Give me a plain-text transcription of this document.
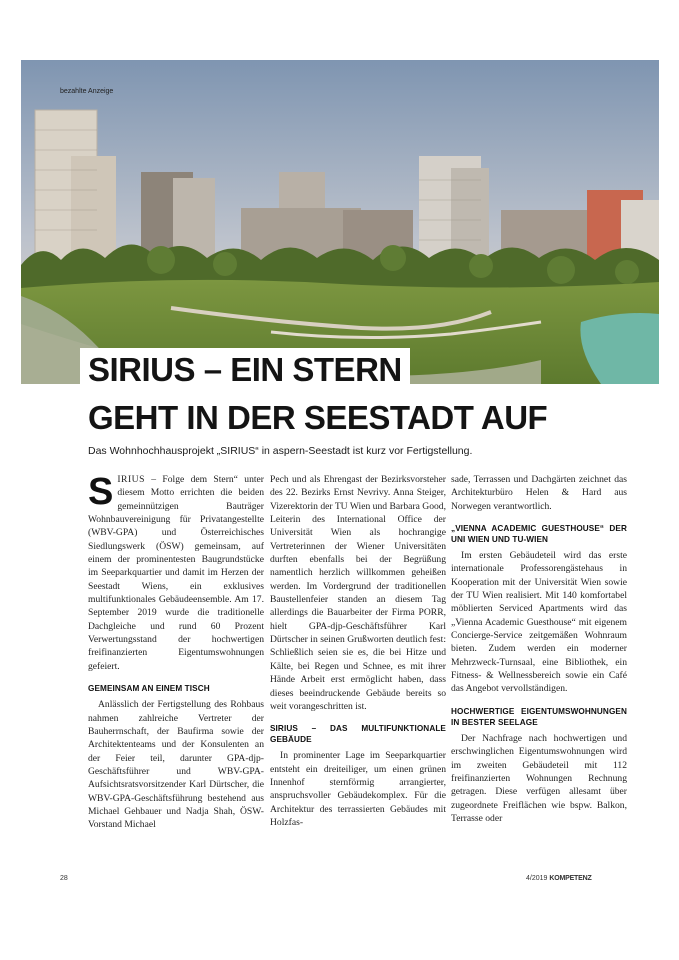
bezahlte Anzeige
SIRIUS – EIN STERN
GEHT IN DER SEESTADT AUF
Das Wohnhochhausprojekt „SIRIUS“ in aspern-Seestadt ist kurz vor Fertigstellung.

SIRIUS – Folge dem Stern“ unter diesem Motto errichten die beiden gemeinnützigen Bauträger Wohnbauvereinigung für Privatangestellte (WBV-GPA) und Österreichisches Siedlungswerk (ÖSW) gemeinsam, auf einem der prominentesten Baugrundstücke im Seeparkquartier und damit im Herzen der Seestadt Wiens, ein exklusives multifunktionales Gebäudeensemble. Am 17. September 2019 wurde die traditionelle Dachgleiche und rund 60 Prozent Verwertungsstand der hochwertigen freifinanzierten Eigentumswohnungen gefeiert.

GEMEINSAM AN EINEM TISCH

Anlässlich der Fertigstellung des Rohbaus nahmen zahlreiche Vertreter der Bauherrnschaft, der Baufirma sowie der Architektenteams und der Konsulenten an der Feier teil, darunter GPA-djp-Geschäftsführer und WBV-GPA-Aufsichtsratsvorsitzender Karl Dürtscher, die WBV-GPA-Geschäftsführung bestehend aus Michael Gehbauer und Nadja Shah, ÖSW-Vorstand Michael

Pech und als Ehrengast der Bezirksvorsteher des 22. Bezirks Ernst Nevrivy. Anna Steiger, Vizerektorin der TU Wien und Barbara Good, Leiterin des International Office der Universität Wien als hochrangige Vertreterinnen der Wiener Universitäten durften ebenfalls bei der Begrüßung namentlich herzlich willkommen geheißen werden. Im Vordergrund der traditionellen Baustellenfeier standen an diesem Tag allerdings die Bauarbeiter der Firma PORR, hielt GPA-djp-Geschäftsführer Karl Dürtscher in seinen Grußworten deutlich fest: Schließlich seien sie es, die bei Hitze und Kälte, bei Regen und Schnee, es mit ihrer Hände Arbeit erst ermöglicht haben, dass dieses beeindruckende Gebäude bereits so weit vorangeschritten ist.

SIRIUS – DAS MULTIFUNKTIONALE GEBÄUDE

In prominenter Lage im Seeparkquartier entsteht ein dreiteiliger, um einen grünen Innenhof sternförmig arrangierter, anspruchsvoller Gebäudekomplex. Für die Architektur des terrassierten Gebäudes mit Holzfas-

sade, Terrassen und Dachgärten zeichnet das Architekturbüro Helen & Hard aus Norwegen verantwortlich.

„VIENNA ACADEMIC GUESTHOUSE“ DER UNI WIEN UND TU-WIEN

Im ersten Gebäudeteil wird das erste internationale Professorengästehaus in Kooperation mit der Universität Wien sowie der TU Wien realisiert. Mit 140 komfortabel möblierten Serviced Apartments wird das „Vienna Academic Guesthouse“ mit eigenem Concierge-Service zeitgemäßen Wohnraum bieten. Zudem werden ein moderner Mehrzweck-Turnsaal, eine Bibliothek, ein Fitness- & Wellnessbereich sowie ein Café das Angebot vervollständigen.

HOCHWERTIGE EIGENTUMSWOHNUNGEN IN BESTER SEELAGE

Der Nachfrage nach hochwertigen und erschwinglichen Eigentumswohnungen wird im zweiten Gebäudeteil mit 112 freifinanzierten Wohnungen Rechnung getragen. Diese verfügen allesamt über zugeordnete Freiflächen wie bspw. Balkon, Terrasse oder

28	4/2019 KOMPETENZ
